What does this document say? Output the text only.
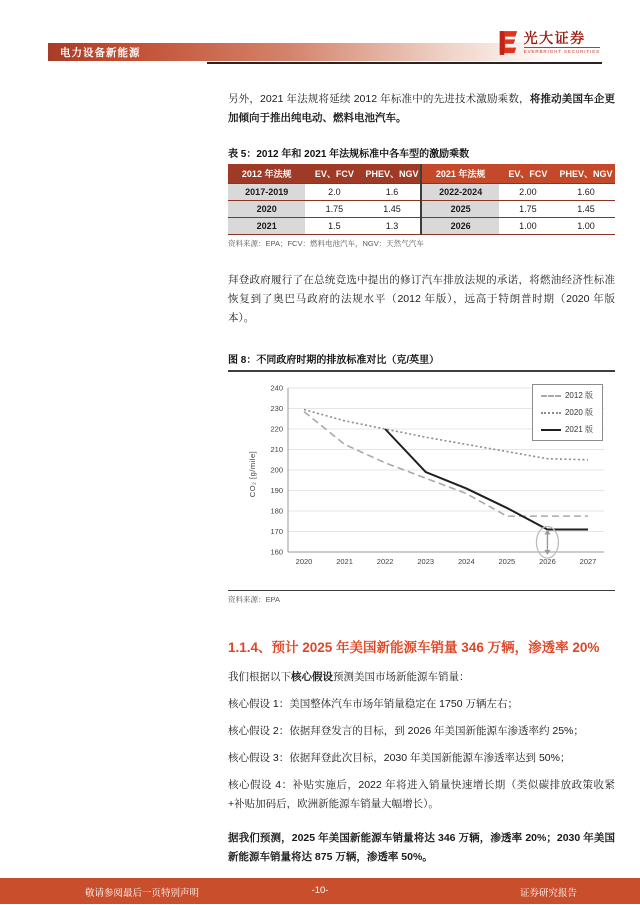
电力设备新能源
光大证券
EVERBRIGHT SECURITIES

另外，2021 年法规将延续 2012 年标准中的先进技术激励乘数，将推动美国车企更加倾向于推出纯电动、燃料电池汽车。

表 5：2012 年和 2021 年法规标准中各车型的激励乘数
2012 年法规	EV、FCV	PHEV、NGV	2021 年法规	EV、FCV	PHEV、NGV
2017-2019	2.0	1.6	2022-2024	2.00	1.60
2020	1.75	1.45	2025	1.75	1.45
2021	1.5	1.3	2026	1.00	1.00
资料来源：EPA；FCV：燃料电池汽车，NGV：天然气汽车

拜登政府履行了在总统竞选中提出的修订汽车排放法规的承诺，将燃油经济性标准恢复到了奥巴马政府的法规水平（2012 年版），远高于特朗普时期（2020 年版本）。

图 8：不同政府时期的排放标准对比（克/英里）
160
170
180
190
200
210
220
230
240
2020	2021	2022	2023	2024	2025	2026	2027
CO₂ [g/mile]
2012 版
2020 版
2021 版
资料来源：EPA
1.1.4、预计 2025 年美国新能源车销量 346 万辆，渗透率 20%

我们根据以下核心假设预测美国市场新能源车销量：

核心假设 1：美国整体汽车市场年销量稳定在 1750 万辆左右；

核心假设 2：依据拜登发言的目标，到 2026 年美国新能源车渗透率约 25%；

核心假设 3：依据拜登此次目标，2030 年美国新能源车渗透率达到 50%；

核心假设 4：补贴实施后，2022 年将进入销量快速增长期（类似碳排放政策收紧+补贴加码后，欧洲新能源车销量大幅增长）。

据我们预测，2025 年美国新能源车销量将达 346 万辆，渗透率 20%；2030 年美国新能源车销量将达 875 万辆，渗透率 50%。

敬请参阅最后一页特别声明	-10-	证券研究报告
